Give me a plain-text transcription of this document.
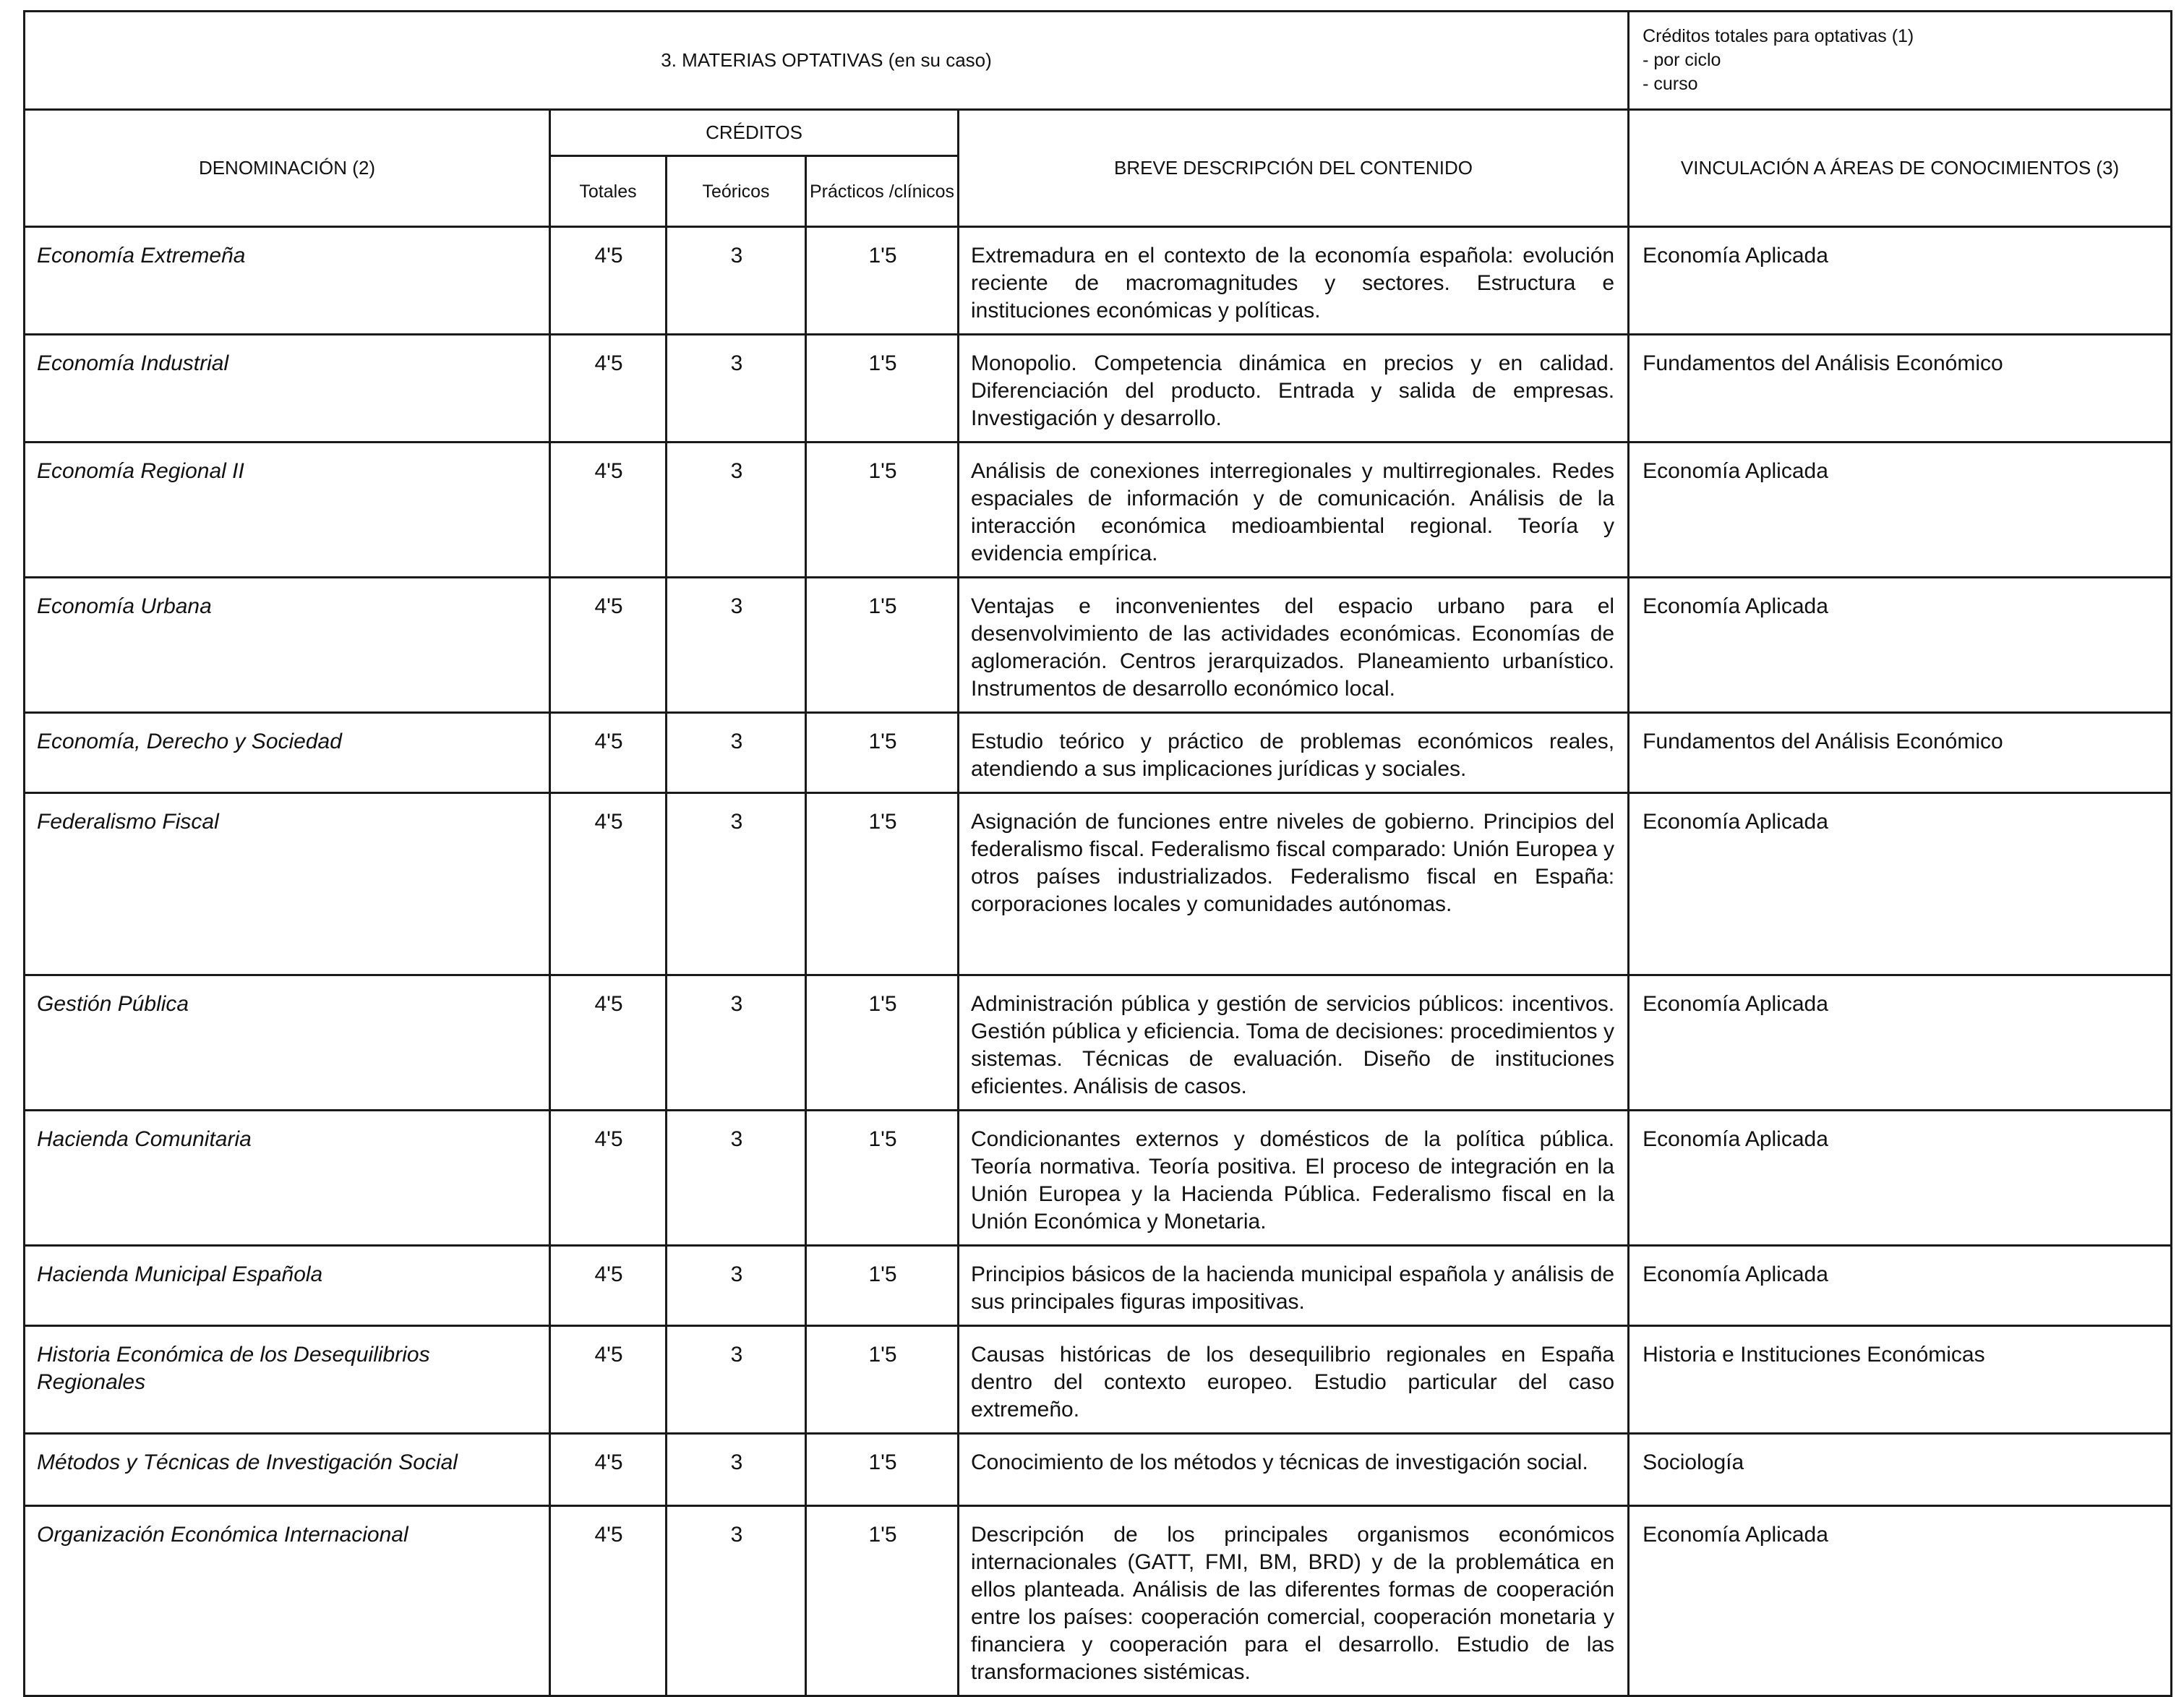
3. MATERIAS OPTATIVAS (en su caso)					Créditos totales para optativas (1)
- por ciclo
- curso

DENOMINACIÓN (2)	CRÉDITOS			BREVE DESCRIPCIÓN DEL CONTENIDO	VINCULACIÓN A ÁREAS DE CONOCIMIENTOS (3)
	Totales	Teóricos	Prácticos /clínicos		
Economía Extremeña	4'5	3	1'5	Extremadura en el contexto de la economía española: evolución reciente de macromagnitudes y sectores. Estructura e instituciones económicas y políticas.	Economía Aplicada
Economía Industrial	4'5	3	1'5	Monopolio. Competencia dinámica en precios y en calidad. Diferenciación del producto. Entrada y salida de empresas. Investigación y desarrollo.	Fundamentos del Análisis Económico
Economía Regional II	4'5	3	1'5	Análisis de conexiones interregionales y multirregionales. Redes espaciales de información y de comunicación. Análisis de la interacción económica medioambiental regional. Teoría y evidencia empírica.	Economía Aplicada
Economía Urbana	4'5	3	1'5	Ventajas e inconvenientes del espacio urbano para el desenvolvimiento de las actividades económicas. Economías de aglomeración. Centros jerarquizados. Planeamiento urbanístico. Instrumentos de desarrollo económico local.	Economía Aplicada
Economía, Derecho y Sociedad	4'5	3	1'5	Estudio teórico y práctico de problemas económicos reales, atendiendo a sus implicaciones jurídicas y sociales.	Fundamentos del Análisis Económico
Federalismo Fiscal	4'5	3	1'5	Asignación de funciones entre niveles de gobierno. Principios del federalismo fiscal. Federalismo fiscal comparado: Unión Europea y otros países industrializados. Federalismo fiscal en España: corporaciones locales y comunidades autónomas.	Economía Aplicada
Gestión Pública	4'5	3	1'5	Administración pública y gestión de servicios públicos: incentivos. Gestión pública y eficiencia. Toma de decisiones: procedimientos y sistemas. Técnicas de evaluación. Diseño de instituciones eficientes. Análisis de casos.	Economía Aplicada
Hacienda Comunitaria	4'5	3	1'5	Condicionantes externos y domésticos de la política pública. Teoría normativa. Teoría positiva. El proceso de integración en la Unión Europea y la Hacienda Pública. Federalismo fiscal en la Unión Económica y Monetaria.	Economía Aplicada
Hacienda Municipal Española	4'5	3	1'5	Principios básicos de la hacienda municipal española y análisis de sus principales figuras impositivas.	Economía Aplicada
Historia Económica de los Desequilibrios Regionales	4'5	3	1'5	Causas históricas de los desequilibrio regionales en España dentro del contexto europeo. Estudio particular del caso extremeño.	Historia e Instituciones Económicas
Métodos y Técnicas de Investigación Social	4'5	3	1'5	Conocimiento de los métodos y técnicas de investigación social.	Sociología
Organización Económica Internacional	4'5	3	1'5	Descripción de los principales organismos económicos internacionales (GATT, FMI, BM, BRD) y de la problemática en ellos planteada. Análisis de las diferentes formas de cooperación entre los países: cooperación comercial, cooperación monetaria y financiera y cooperación para el desarrollo. Estudio de las transformaciones sistémicas.	Economía Aplicada
